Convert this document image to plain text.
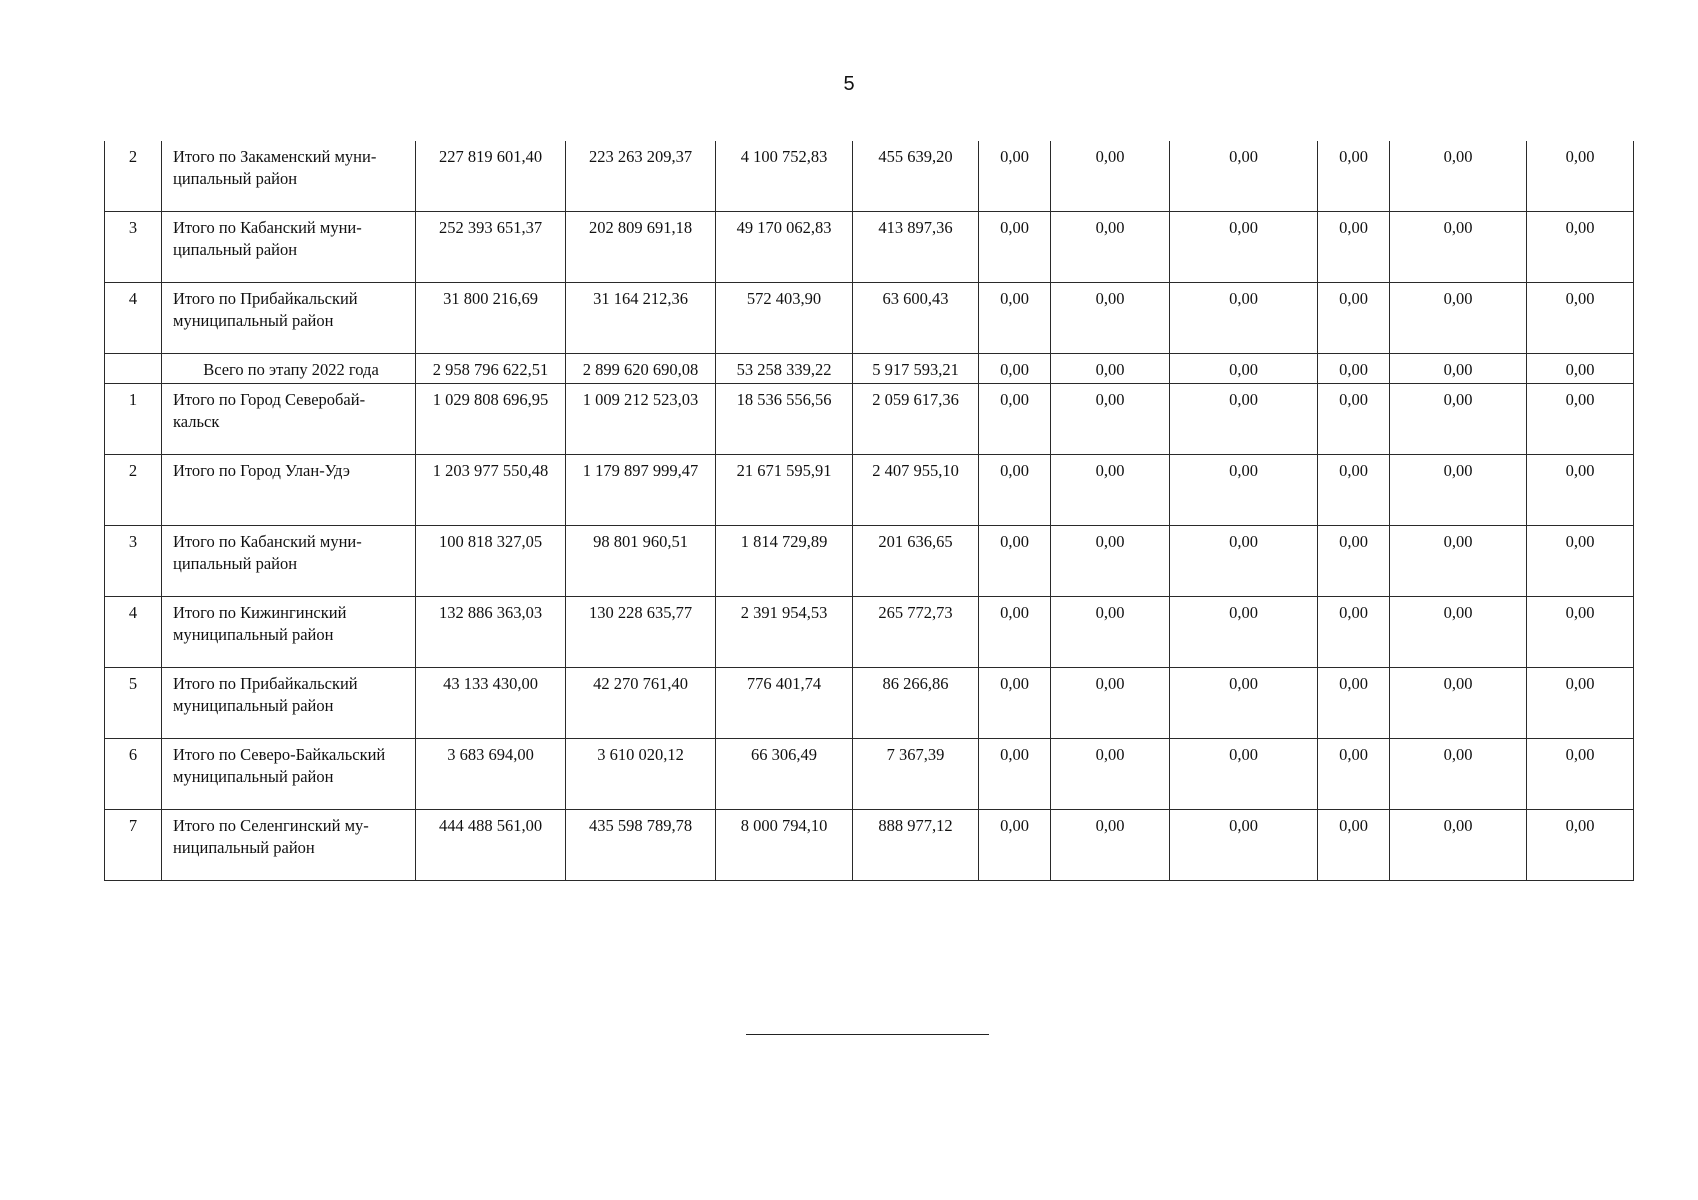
5
2	Итого по Закаменский муни-ципальный район	227 819 601,40	223 263 209,37	4 100 752,83	455 639,20	0,00	0,00	0,00	0,00	0,00	0,00
3	Итого по Кабанский муни-ципальный район	252 393 651,37	202 809 691,18	49 170 062,83	413 897,36	0,00	0,00	0,00	0,00	0,00	0,00
4	Итого по Прибайкальский муниципальный район	31 800 216,69	31 164 212,36	572 403,90	63 600,43	0,00	0,00	0,00	0,00	0,00	0,00
	Всего по этапу 2022 года	2 958 796 622,51	2 899 620 690,08	53 258 339,22	5 917 593,21	0,00	0,00	0,00	0,00	0,00	0,00
1	Итого по Город Северобай-кальск	1 029 808 696,95	1 009 212 523,03	18 536 556,56	2 059 617,36	0,00	0,00	0,00	0,00	0,00	0,00
2	Итого по Город Улан-Удэ	1 203 977 550,48	1 179 897 999,47	21 671 595,91	2 407 955,10	0,00	0,00	0,00	0,00	0,00	0,00
3	Итого по Кабанский муни-ципальный район	100 818 327,05	98 801 960,51	1 814 729,89	201 636,65	0,00	0,00	0,00	0,00	0,00	0,00
4	Итого по Кижингинский муниципальный район	132 886 363,03	130 228 635,77	2 391 954,53	265 772,73	0,00	0,00	0,00	0,00	0,00	0,00
5	Итого по Прибайкальский муниципальный район	43 133 430,00	42 270 761,40	776 401,74	86 266,86	0,00	0,00	0,00	0,00	0,00	0,00
6	Итого по Северо-Байкальский муниципальный район	3 683 694,00	3 610 020,12	66 306,49	7 367,39	0,00	0,00	0,00	0,00	0,00	0,00
7	Итого по Селенгинский му-ниципальный район	444 488 561,00	435 598 789,78	8 000 794,10	888 977,12	0,00	0,00	0,00	0,00	0,00	0,00
